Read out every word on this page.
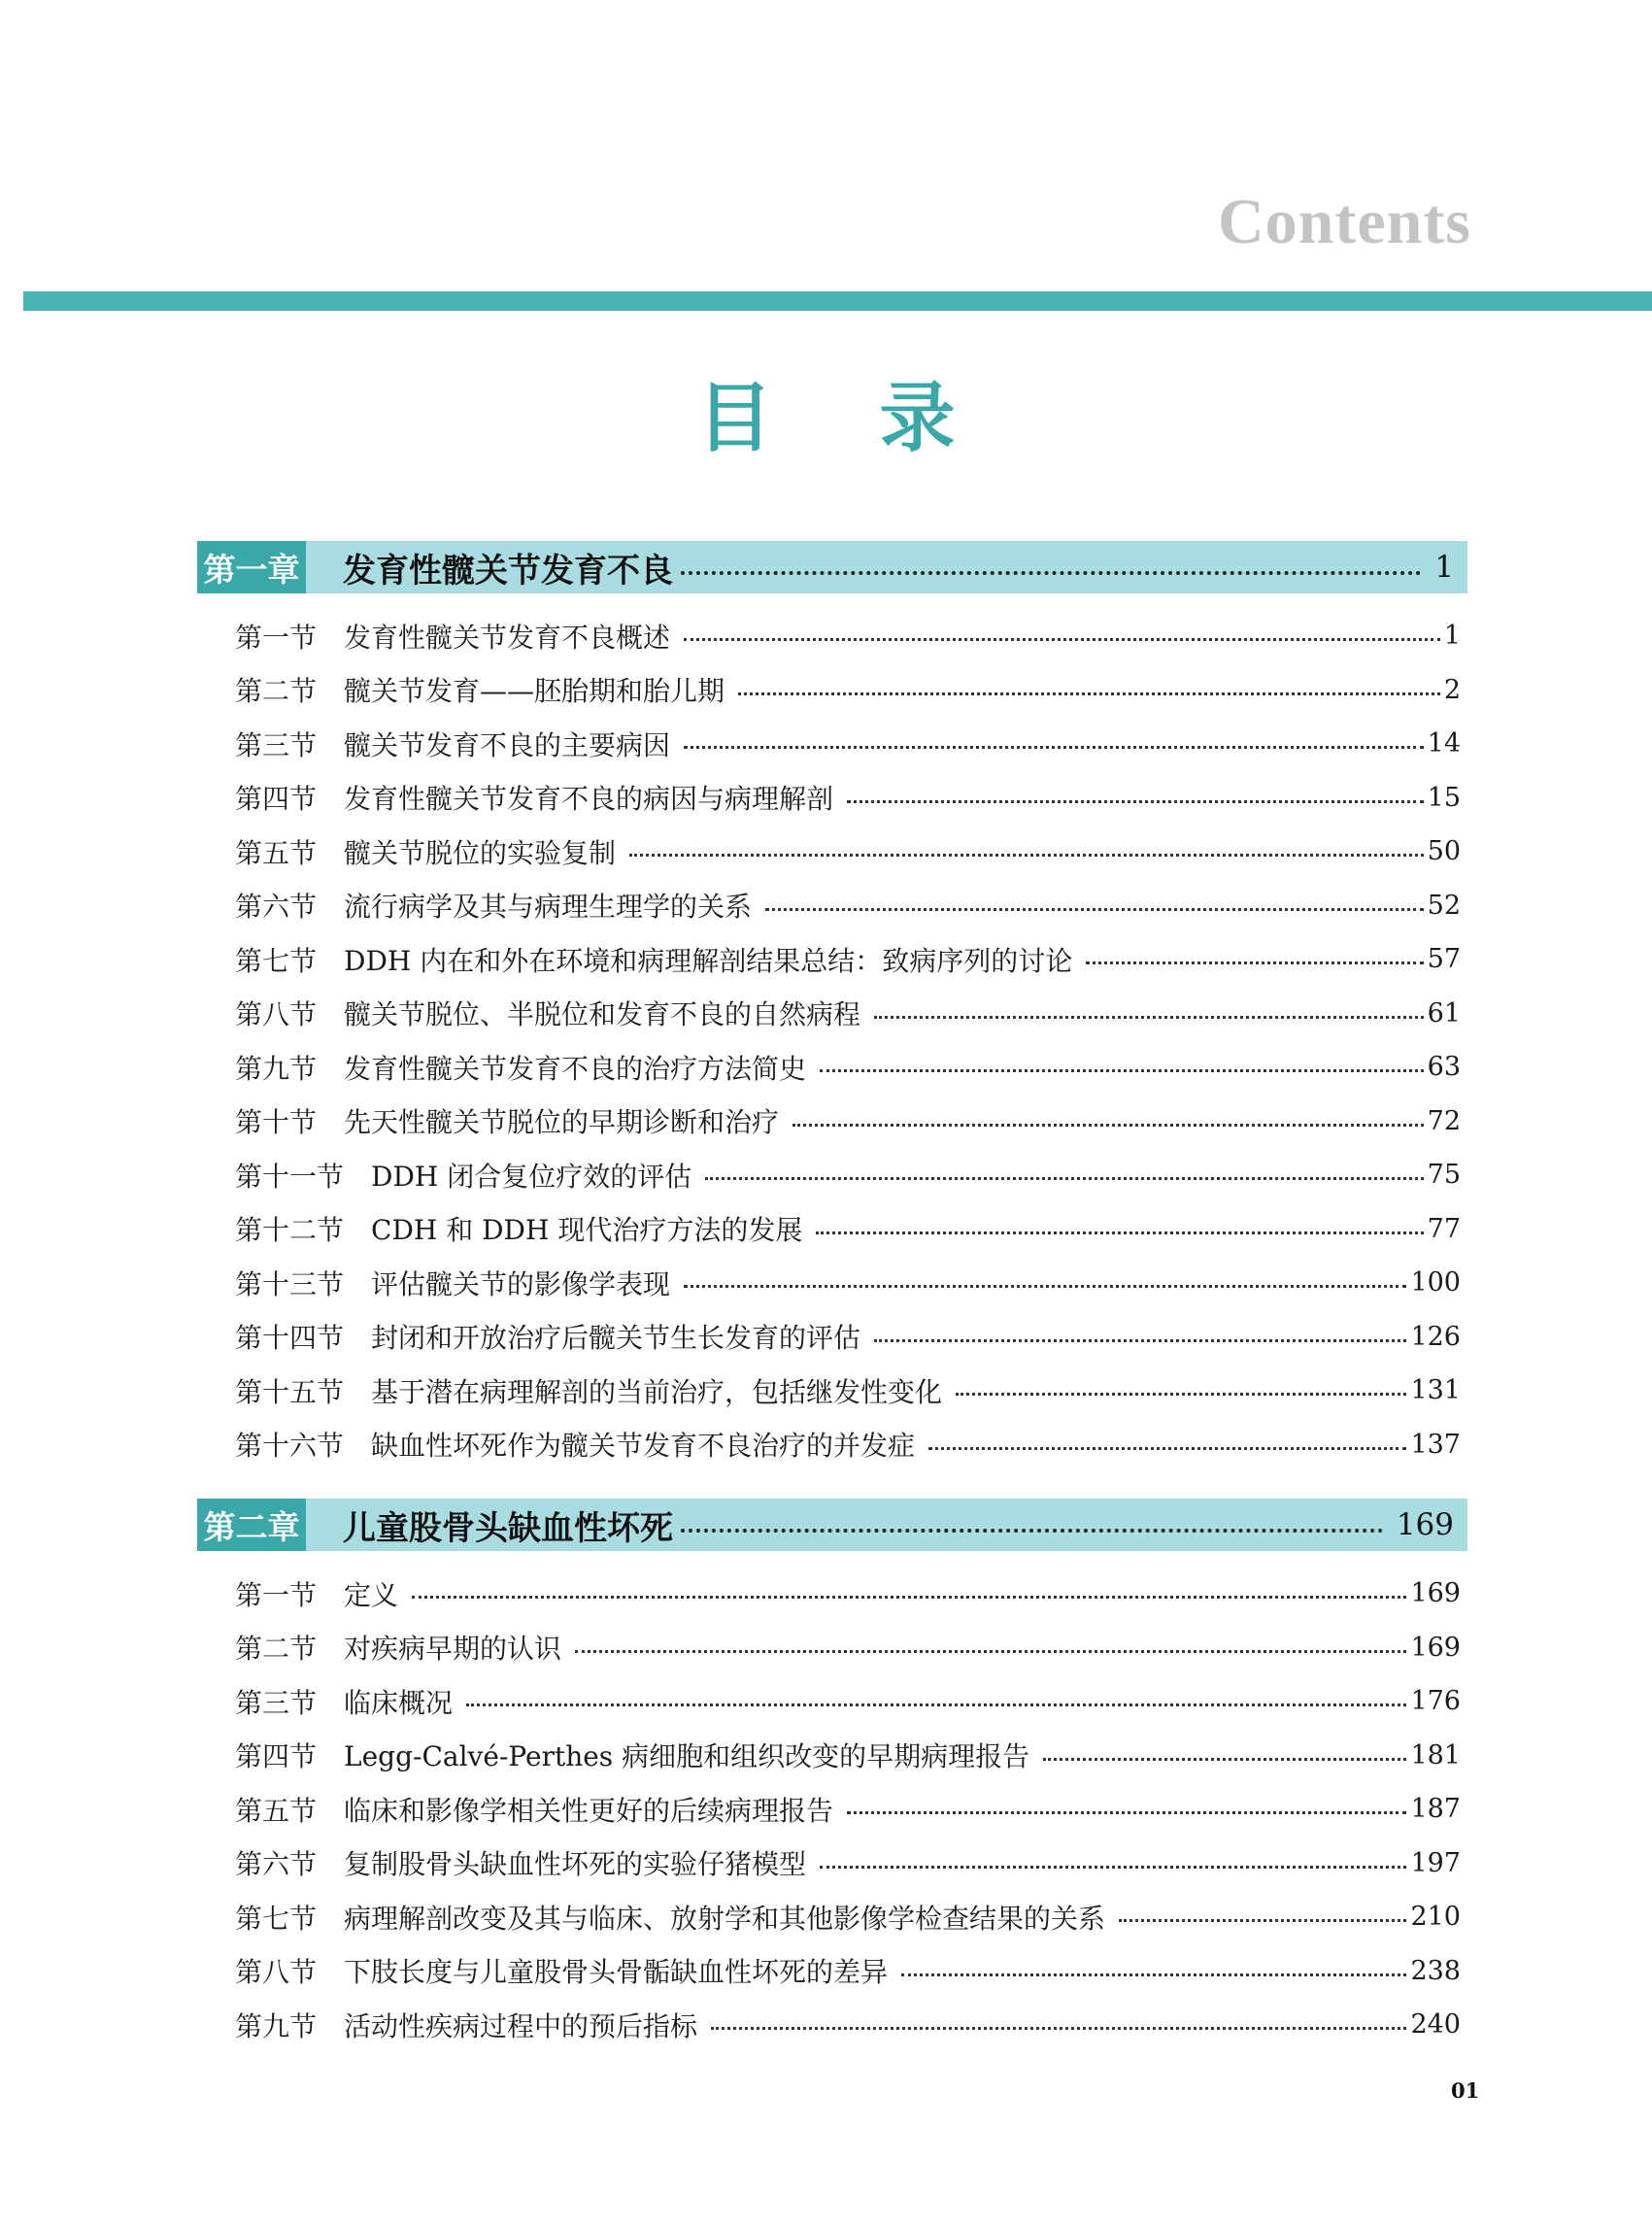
Contents
目 录
第一章 发育性髋关节发育不良	1
第一节 发育性髋关节发育不良概述	1
第二节 髋关节发育——胚胎期和胎儿期	2
第三节 髋关节发育不良的主要病因	14
第四节 发育性髋关节发育不良的病因与病理解剖	15
第五节 髋关节脱位的实验复制	50
第六节 流行病学及其与病理生理学的关系	52
第七节 DDH 内在和外在环境和病理解剖结果总结：致病序列的讨论	57
第八节 髋关节脱位、半脱位和发育不良的自然病程	61
第九节 发育性髋关节发育不良的治疗方法简史	63
第十节 先天性髋关节脱位的早期诊断和治疗	72
第十一节 DDH 闭合复位疗效的评估	75
第十二节 CDH 和 DDH 现代治疗方法的发展	77
第十三节 评估髋关节的影像学表现	100
第十四节 封闭和开放治疗后髋关节生长发育的评估	126
第十五节 基于潜在病理解剖的当前治疗，包括继发性变化	131
第十六节 缺血性坏死作为髋关节发育不良治疗的并发症	137
第二章 儿童股骨头缺血性坏死	169
第一节 定义	169
第二节 对疾病早期的认识	169
第三节 临床概况	176
第四节 Legg-Calvé-Perthes 病细胞和组织改变的早期病理报告	181
第五节 临床和影像学相关性更好的后续病理报告	187
第六节 复制股骨头缺血性坏死的实验仔猪模型	197
第七节 病理解剖改变及其与临床、放射学和其他影像学检查结果的关系	210
第八节 下肢长度与儿童股骨头骨骺缺血性坏死的差异	238
第九节 活动性疾病过程中的预后指标	240
01
